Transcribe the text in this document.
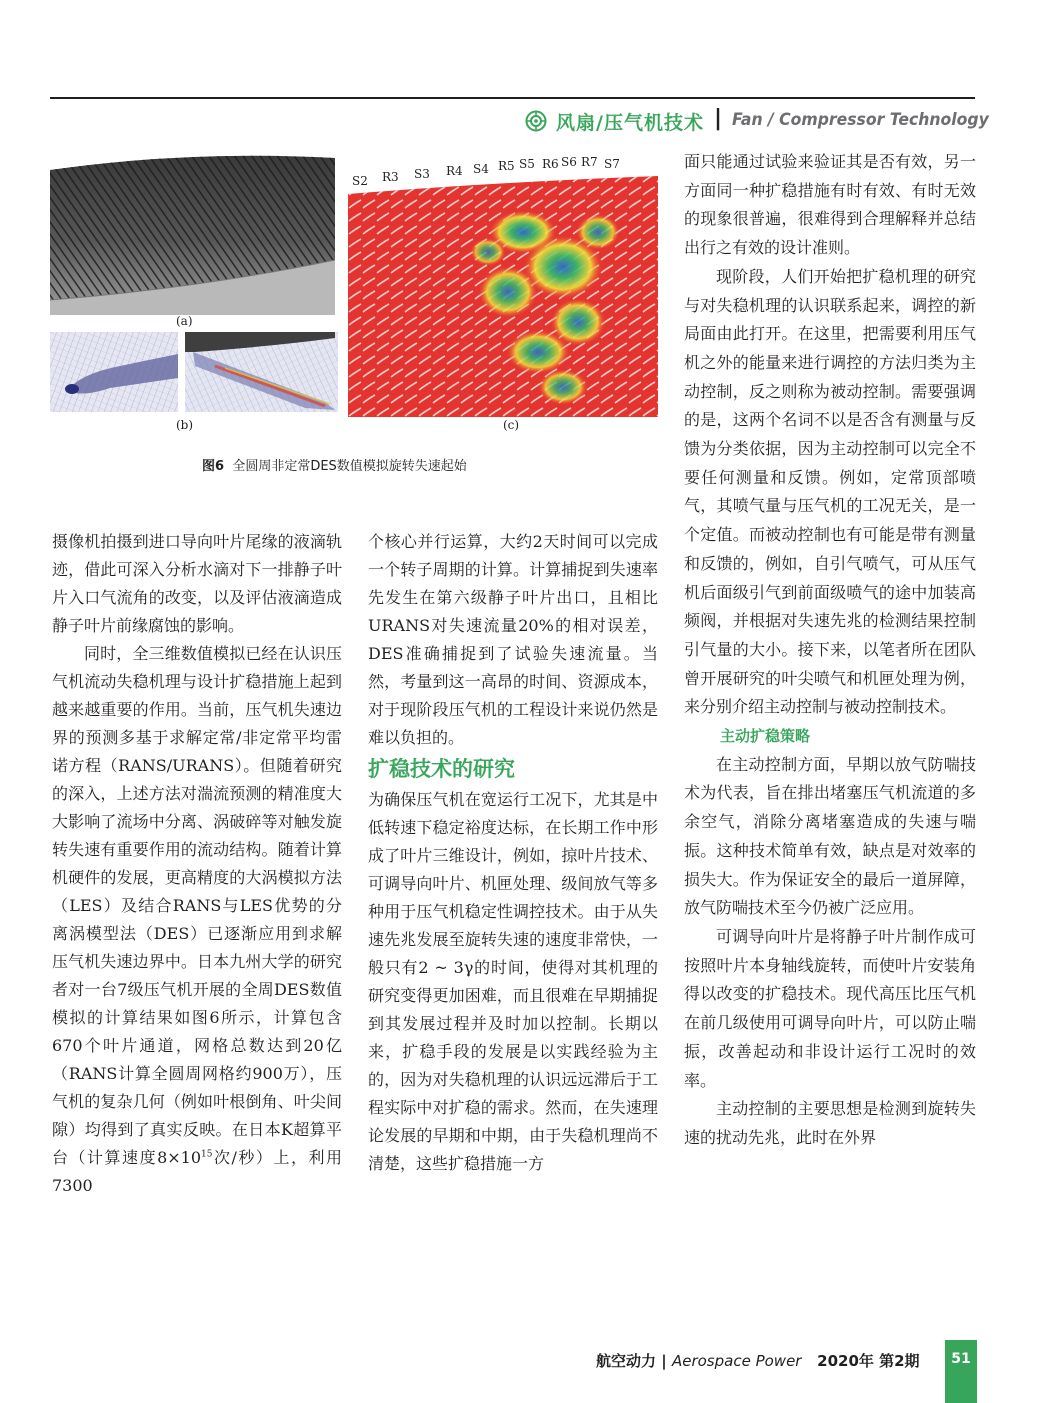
风扇/压气机技术 | Fan / Compressor Technology
(a)
(b)
S2 R3 S3 R4 S4 R5 S5 R6 S6 R7 S7
(c)
图6 全圆周非定常DES数值模拟旋转失速起始

摄像机拍摄到进口导向叶片尾缘的液滴轨迹，借此可深入分析水滴对下一排静子叶片入口气流角的改变，以及评估液滴造成静子叶片前缘腐蚀的影响。

同时，全三维数值模拟已经在认识压气机流动失稳机理与设计扩稳措施上起到越来越重要的作用。当前，压气机失速边界的预测多基于求解定常/非定常平均雷诺方程（RANS/URANS）。但随着研究的深入，上述方法对湍流预测的精准度大大影响了流场中分离、涡破碎等对触发旋转失速有重要作用的流动结构。随着计算机硬件的发展，更高精度的大涡模拟方法（LES）及结合RANS与LES优势的分离涡模型法（DES）已逐渐应用到求解压气机失速边界中。日本九州大学的研究者对一台7级压气机开展的全周DES数值模拟的计算结果如图6所示，计算包含670个叶片通道，网格总数达到20亿（RANS计算全圆周网格约900万），压气机的复杂几何（例如叶根倒角、叶尖间隙）均得到了真实反映。在日本K超算平台（计算速度$8\times 10^{15}$次/秒）上，利用7300

个核心并行运算，大约2天时间可以完成一个转子周期的计算。计算捕捉到失速率先发生在第六级静子叶片出口，且相比URANS对失速流量20%的相对误差，DES准确捕捉到了试验失速流量。当然，考量到这一高昂的时间、资源成本，对于现阶段压气机的工程设计来说仍然是难以负担的。

扩稳技术的研究

为确保压气机在宽运行工况下，尤其是中低转速下稳定裕度达标，在长期工作中形成了叶片三维设计，例如，掠叶片技术、可调导向叶片、机匣处理、级间放气等多种用于压气机稳定性调控技术。由于从失速先兆发展至旋转失速的速度非常快，一般只有2 ~ 3γ的时间，使得对其机理的研究变得更加困难，而且很难在早期捕捉到其发展过程并及时加以控制。长期以来，扩稳手段的发展是以实践经验为主的，因为对失稳机理的认识远远滞后于工程实际中对扩稳的需求。然而，在失速理论发展的早期和中期，由于失稳机理尚不清楚，这些扩稳措施一方

面只能通过试验来验证其是否有效，另一方面同一种扩稳措施有时有效、有时无效的现象很普遍，很难得到合理解释并总结出行之有效的设计准则。

现阶段，人们开始把扩稳机理的研究与对失稳机理的认识联系起来，调控的新局面由此打开。在这里，把需要利用压气机之外的能量来进行调控的方法归类为主动控制，反之则称为被动控制。需要强调的是，这两个名词不以是否含有测量与反馈为分类依据，因为主动控制可以完全不要任何测量和反馈。例如，定常顶部喷气，其喷气量与压气机的工况无关，是一个定值。而被动控制也有可能是带有测量和反馈的，例如，自引气喷气，可从压气机后面级引气到前面级喷气的途中加装高频阀，并根据对失速先兆的检测结果控制引气量的大小。接下来，以笔者所在团队曾开展研究的叶尖喷气和机匣处理为例，来分别介绍主动控制与被动控制技术。

主动扩稳策略

在主动控制方面，早期以放气防喘技术为代表，旨在排出堵塞压气机流道的多余空气，消除分离堵塞造成的失速与喘振。这种技术简单有效，缺点是对效率的损失大。作为保证安全的最后一道屏障，放气防喘技术至今仍被广泛应用。

可调导向叶片是将静子叶片制作成可按照叶片本身轴线旋转，而使叶片安装角得以改变的扩稳技术。现代高压比压气机在前几级使用可调导向叶片，可以防止喘振，改善起动和非设计运行工况时的效率。

主动控制的主要思想是检测到旋转失速的扰动先兆，此时在外界

航空动力 | Aerospace Power 2020年 第2期	51
